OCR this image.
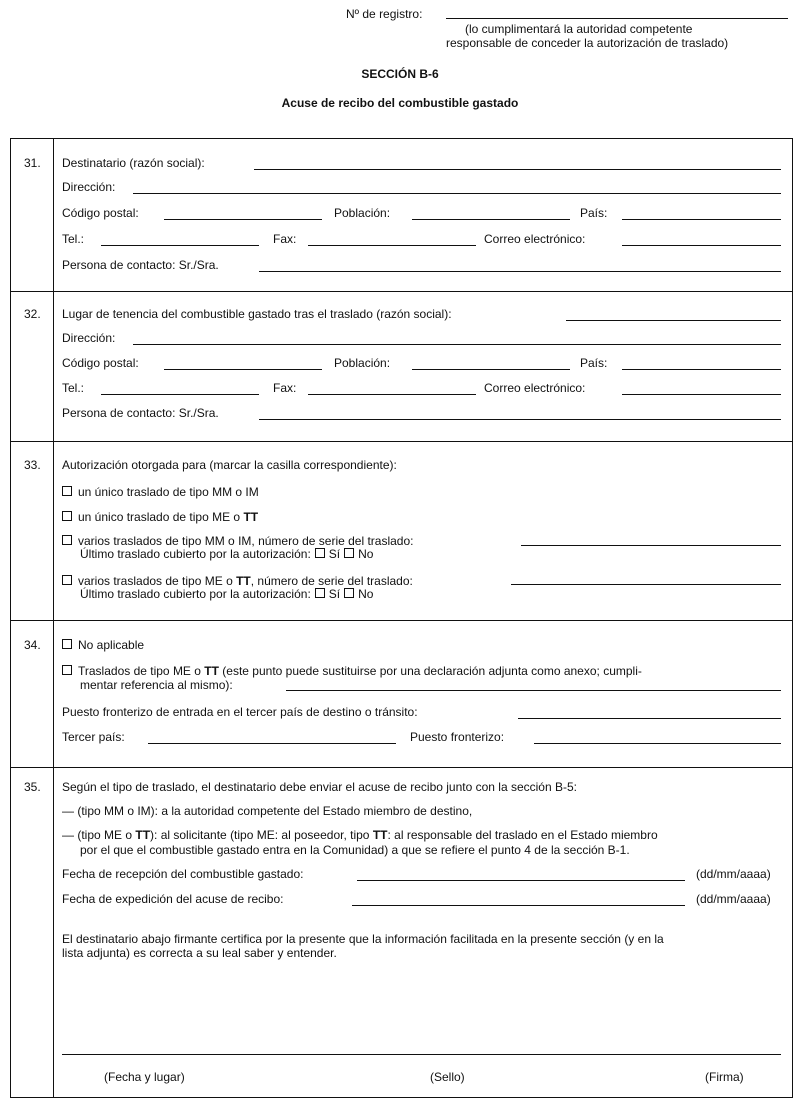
Nº de registro:
(lo cumplimentará la autoridad competente
responsable de conceder la autorización de traslado)
SECCIÓN B-6
Acuse de recibo del combustible gastado
31. Destinatario (razón social):
Dirección:
Código postal:	Población:	País:
Tel.:	Fax:	Correo electrónico:
Persona de contacto: Sr./Sra.
32. Lugar de tenencia del combustible gastado tras el traslado (razón social):
Dirección:
Código postal:	Población:	País:
Tel.:	Fax:	Correo electrónico:
Persona de contacto: Sr./Sra.
33. Autorización otorgada para (marcar la casilla correspondiente):
un único traslado de tipo MM o IM
un único traslado de tipo ME o TT
varios traslados de tipo MM o IM, número de serie del traslado:
Último traslado cubierto por la autorización: Sí No
varios traslados de tipo ME o TT, número de serie del traslado:
Último traslado cubierto por la autorización: Sí No
34.	No aplicable
Traslados de tipo ME o TT (este punto puede sustituirse por una declaración adjunta como anexo; cumpli-
mentar referencia al mismo):
Puesto fronterizo de entrada en el tercer país de destino o tránsito:
Tercer país:	Puesto fronterizo:
35. Según el tipo de traslado, el destinatario debe enviar el acuse de recibo junto con la sección B-5:
— (tipo MM o IM): a la autoridad competente del Estado miembro de destino,
— (tipo ME o TT): al solicitante (tipo ME: al poseedor, tipo TT: al responsable del traslado en el Estado miembro
por el que el combustible gastado entra en la Comunidad) a que se refiere el punto 4 de la sección B-1.
Fecha de recepción del combustible gastado:	(dd/mm/aaaa)
Fecha de expedición del acuse de recibo:	(dd/mm/aaaa)
El destinatario abajo firmante certifica por la presente que la información facilitada en la presente sección (y en la
lista adjunta) es correcta a su leal saber y entender.
(Fecha y lugar)	(Sello)	(Firma)
